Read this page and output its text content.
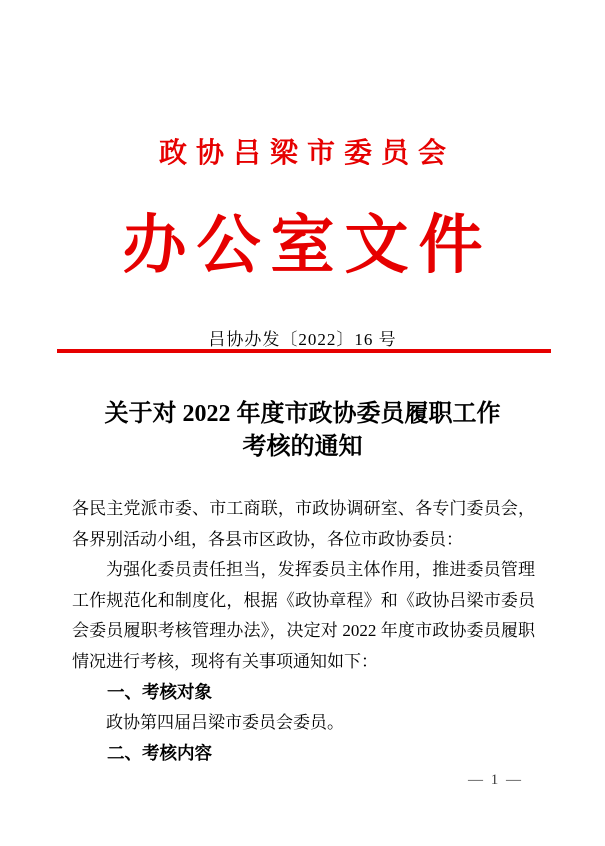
政协吕梁市委员会
办公室文件
吕协办发〔2022〕16 号
关于对 2022 年度市政协委员履职工作
考核的通知

各民主党派市委、市工商联，市政协调研室、各专门委员会，各界别活动小组，各县市区政协，各位市政协委员：

为强化委员责任担当，发挥委员主体作用，推进委员管理工作规范化和制度化，根据《政协章程》和《政协吕梁市委员会委员履职考核管理办法》，决定对 2022 年度市政协委员履职情况进行考核，现将有关事项通知如下：

一、考核对象

政协第四届吕梁市委员会委员。

二、考核内容

— 1 —
